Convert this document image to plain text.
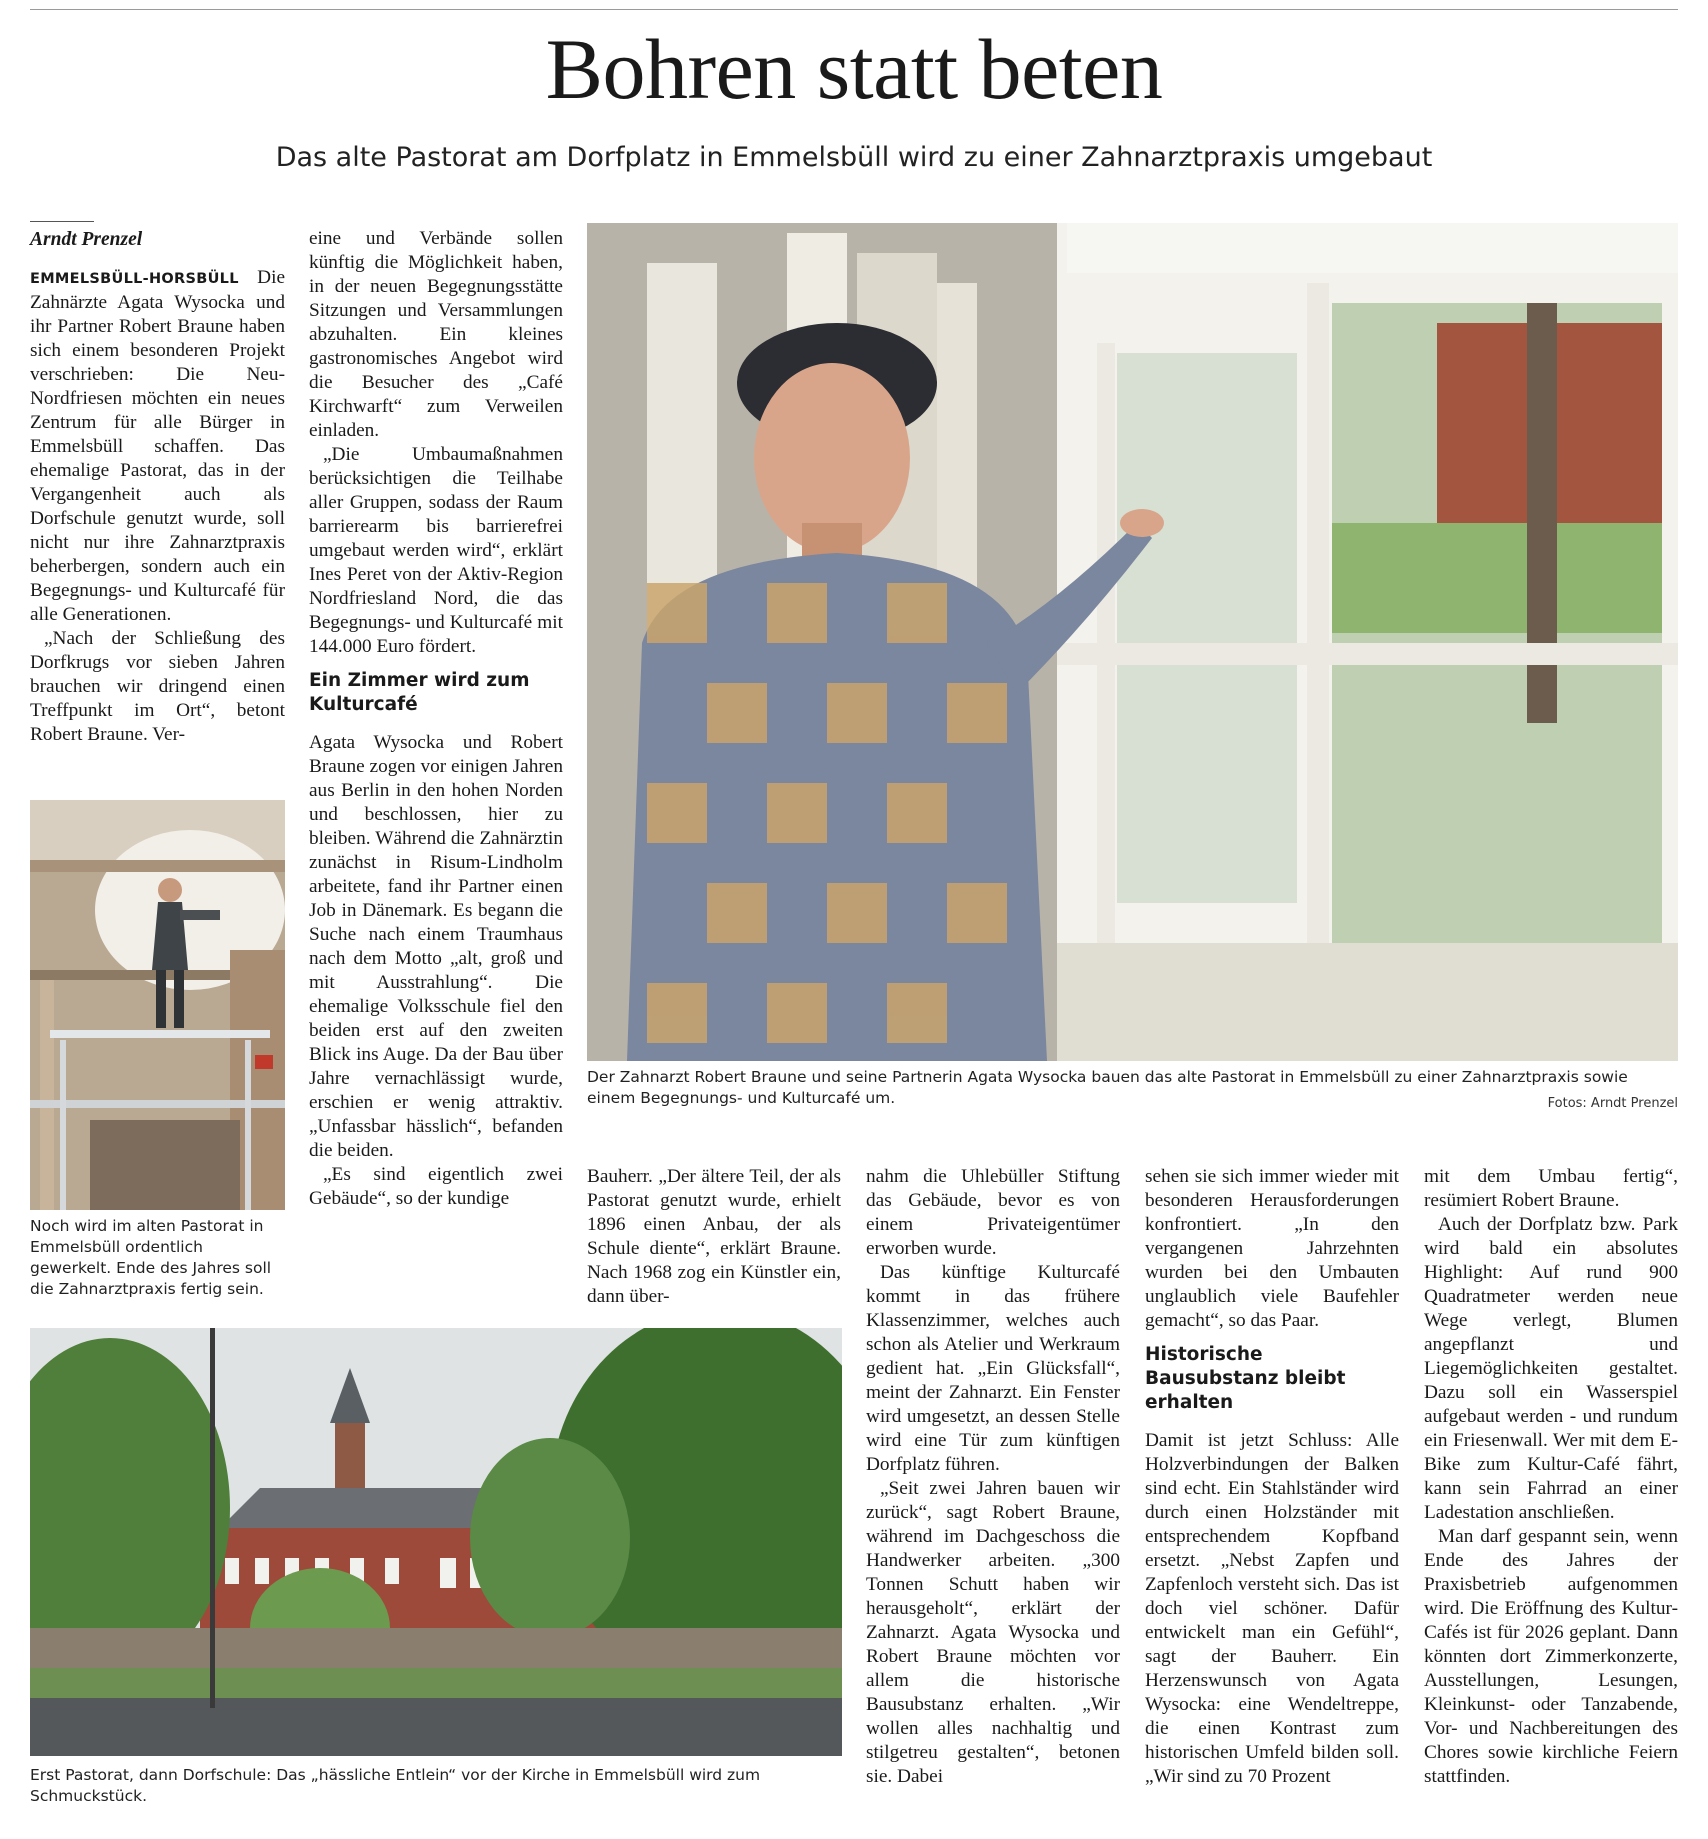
Bohren statt beten
Das alte Pastorat am Dorfplatz in Emmelsbüll wird zu einer Zahnarztpraxis umgebaut
Arndt Prenzel

EMMELSBÜLL-HORSBÜLL Die Zahnärzte Agata Wysocka und ihr Partner Robert Braune haben sich einem besonderen Projekt verschrieben: Die Neu-Nordfriesen möchten ein neues Zentrum für alle Bürger in Emmelsbüll schaffen. Das ehemalige Pastorat, das in der Vergangenheit auch als Dorfschule genutzt wurde, soll nicht nur ihre Zahnarztpraxis beherbergen, sondern auch ein Begegnungs- und Kulturcafé für alle Generationen.

„Nach der Schließung des Dorfkrugs vor sieben Jahren brauchen wir dringend einen Treffpunkt im Ort“, betont Robert Braune. Ver-

Noch wird im alten Pastorat in Emmelsbüll ordentlich gewerkelt. Ende des Jahres soll die Zahnarztpraxis fertig sein.

eine und Verbände sollen künftig die Möglichkeit haben, in der neuen Begegnungsstätte Sitzungen und Versammlungen abzuhalten. Ein kleines gastronomisches Angebot wird die Besucher des „Café Kirchwarft“ zum Verweilen einladen.

„Die Umbaumaßnahmen berücksichtigen die Teilhabe aller Gruppen, sodass der Raum barrierearm bis barrierefrei umgebaut werden wird“, erklärt Ines Peret von der Aktiv-Region Nordfriesland Nord, die das Begegnungs- und Kulturcafé mit 144.000 Euro fördert.

Ein Zimmer wird zum Kulturcafé

Agata Wysocka und Robert Braune zogen vor einigen Jahren aus Berlin in den hohen Norden und beschlossen, hier zu bleiben. Während die Zahnärztin zunächst in Risum-Lindholm arbeitete, fand ihr Partner einen Job in Dänemark. Es begann die Suche nach einem Traumhaus nach dem Motto „alt, groß und mit Ausstrahlung“. Die ehemalige Volksschule fiel den beiden erst auf den zweiten Blick ins Auge. Da der Bau über Jahre vernachlässigt wurde, erschien er wenig attraktiv. „Unfassbar hässlich“, befanden die beiden.

„Es sind eigentlich zwei Gebäude“, so der kundige

Der Zahnarzt Robert Braune und seine Partnerin Agata Wysocka bauen das alte Pastorat in Emmelsbüll zu einer Zahnarztpraxis sowie einem Begegnungs- und Kulturcafé um.	Fotos: Arndt Prenzel

Bauherr. „Der ältere Teil, der als Pastorat genutzt wurde, erhielt 1896 einen Anbau, der als Schule diente“, erklärt Braune. Nach 1968 zog ein Künstler ein, dann über-

Erst Pastorat, dann Dorfschule: Das „hässliche Entlein“ vor der Kirche in Emmelsbüll wird zum Schmuckstück.

nahm die Uhlebüller Stiftung das Gebäude, bevor es von einem Privateigentümer erworben wurde.

Das künftige Kulturcafé kommt in das frühere Klassenzimmer, welches auch schon als Atelier und Werkraum gedient hat. „Ein Glücksfall“, meint der Zahnarzt. Ein Fenster wird umgesetzt, an dessen Stelle wird eine Tür zum künftigen Dorfplatz führen.

„Seit zwei Jahren bauen wir zurück“, sagt Robert Braune, während im Dachgeschoss die Handwerker arbeiten. „300 Tonnen Schutt haben wir herausgeholt“, erklärt der Zahnarzt. Agata Wysocka und Robert Braune möchten vor allem die historische Bausubstanz erhalten. „Wir wollen alles nachhaltig und stilgetreu gestalten“, betonen sie. Dabei

sehen sie sich immer wieder mit besonderen Herausforderungen konfrontiert. „In den vergangenen Jahrzehnten wurden bei den Umbauten unglaublich viele Baufehler gemacht“, so das Paar.

Historische Bausubstanz bleibt erhalten

Damit ist jetzt Schluss: Alle Holzverbindungen der Balken sind echt. Ein Stahlständer wird durch einen Holzständer mit entsprechendem Kopfband ersetzt. „Nebst Zapfen und Zapfenloch versteht sich. Das ist doch viel schöner. Dafür entwickelt man ein Gefühl“, sagt der Bauherr. Ein Herzenswunsch von Agata Wysocka: eine Wendeltreppe, die einen Kontrast zum historischen Umfeld bilden soll. „Wir sind zu 70 Prozent

mit dem Umbau fertig“, resümiert Robert Braune.

Auch der Dorfplatz bzw. Park wird bald ein absolutes Highlight: Auf rund 900 Quadratmeter werden neue Wege verlegt, Blumen angepflanzt und Liegemöglichkeiten gestaltet. Dazu soll ein Wasserspiel aufgebaut werden - und rundum ein Friesenwall. Wer mit dem E-Bike zum Kultur-Café fährt, kann sein Fahrrad an einer Ladestation anschließen.

Man darf gespannt sein, wenn Ende des Jahres der Praxisbetrieb aufgenommen wird. Die Eröffnung des Kultur-Cafés ist für 2026 geplant. Dann könnten dort Zimmerkonzerte, Ausstellungen, Lesungen, Kleinkunst- oder Tanzabende, Vor- und Nachbereitungen des Chores sowie kirchliche Feiern stattfinden.
